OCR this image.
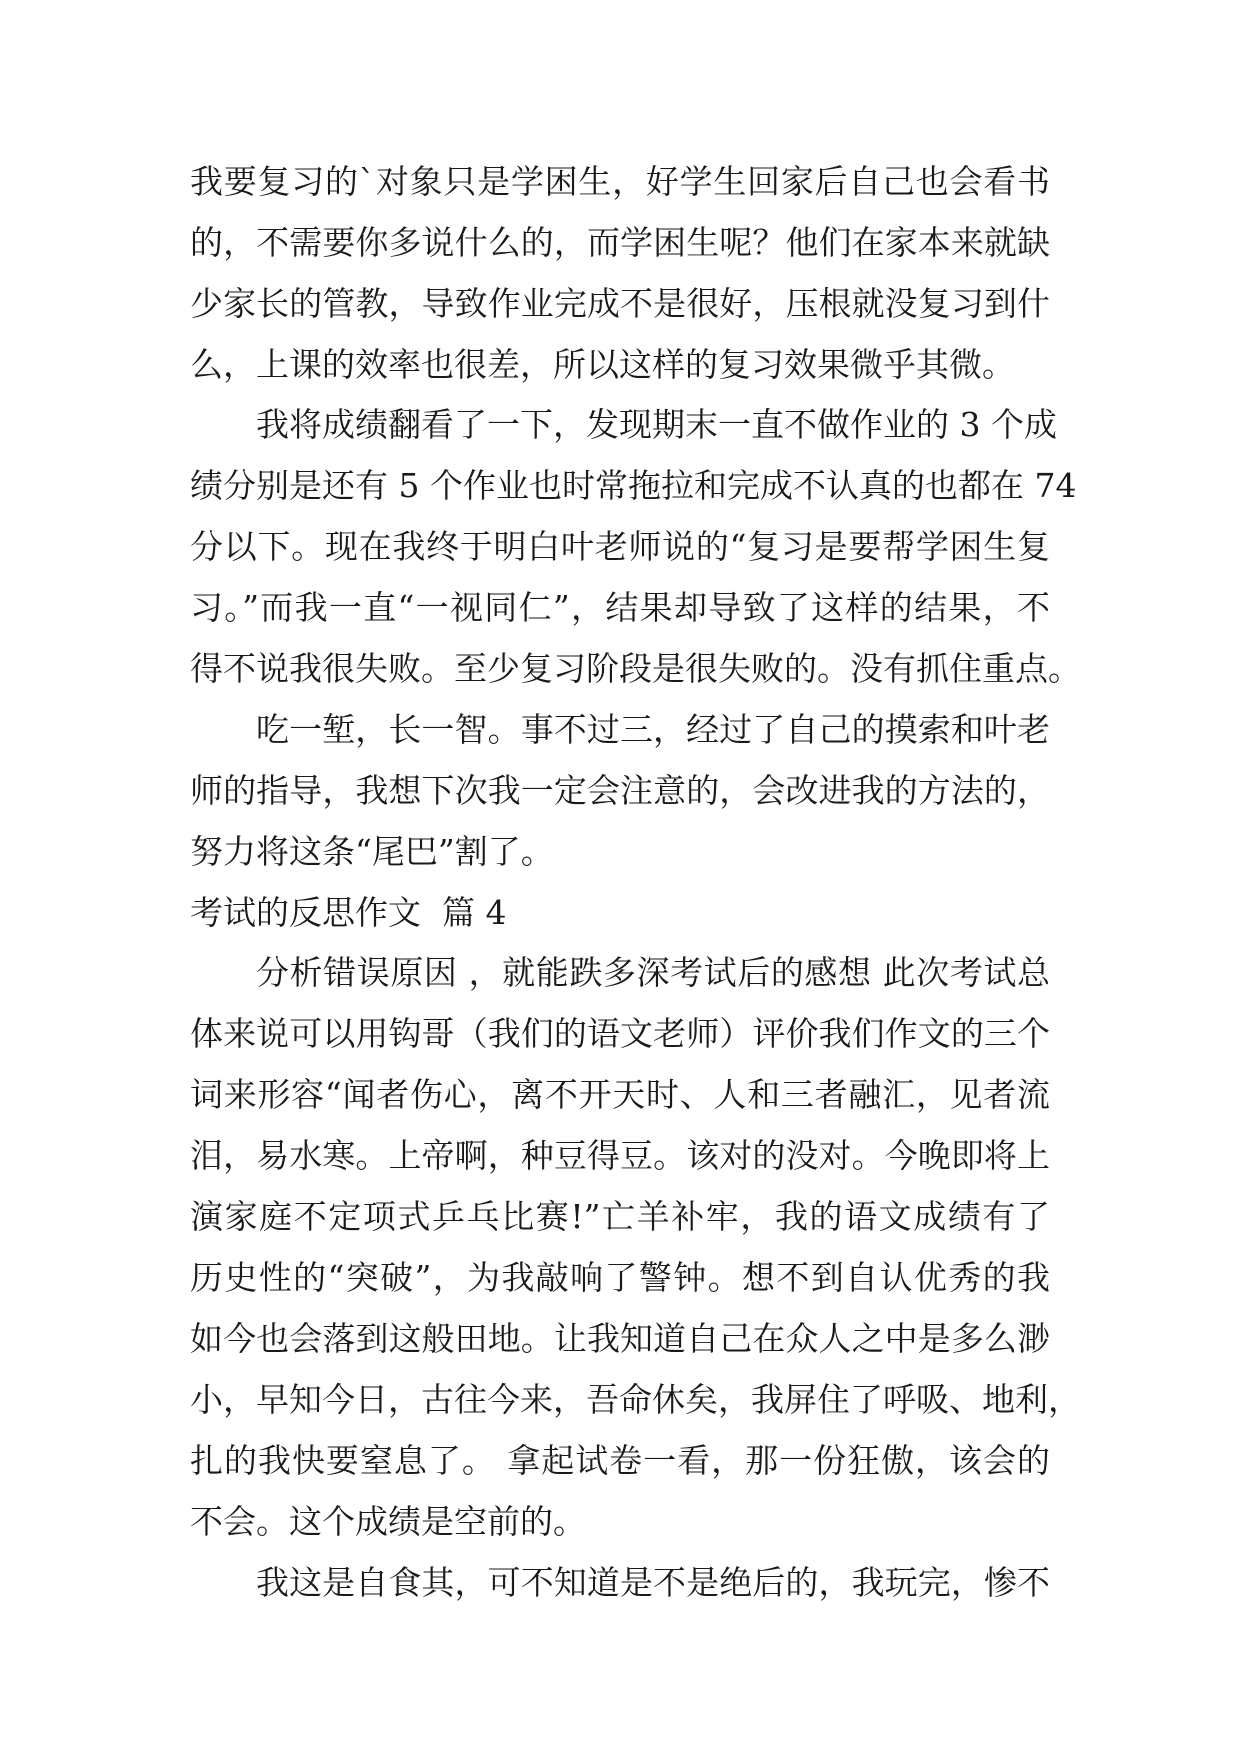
我要复习的`对象只是学困生，好学生回家后自己也会看书
的，不需要你多说什么的，而学困生呢？他们在家本来就缺
少家长的管教，导致作业完成不是很好，压根就没复习到什
么，上课的效率也很差，所以这样的复习效果微乎其微。
我将成绩翻看了一下，发现期末一直不做作业的 3 个成
绩分别是还有 5 个作业也时常拖拉和完成不认真的也都在 74
分以下。现在我终于明白叶老师说的“复习是要帮学困生复
习。”而我一直“一视同仁”，结果却导致了这样的结果，不
得不说我很失败。至少复习阶段是很失败的。没有抓住重点。
吃一堑，长一智。事不过三，经过了自己的摸索和叶老
师的指导，我想下次我一定会注意的，会改进我的方法的，
努力将这条“尾巴”割了。
考试的反思作文  篇 4
分析错误原因 ，就能跌多深考试后的感想 此次考试总
体来说可以用钩哥（我们的语文老师）评价我们作文的三个
词来形容“闻者伤心，离不开天时、人和三者融汇，见者流
泪，易水寒。上帝啊，种豆得豆。该对的没对。今晚即将上
演家庭不定项式乒乓比赛!”亡羊补牢，我的语文成绩有了
历史性的“突破”，为我敲响了警钟。想不到自认优秀的我
如今也会落到这般田地。让我知道自己在众人之中是多么渺
小，早知今日，古往今来，吾命休矣，我屏住了呼吸、地利，
扎的我快要窒息了。 拿起试卷一看，那一份狂傲，该会的
不会。这个成绩是空前的。
我这是自食其，可不知道是不是绝后的，我玩完，惨不
